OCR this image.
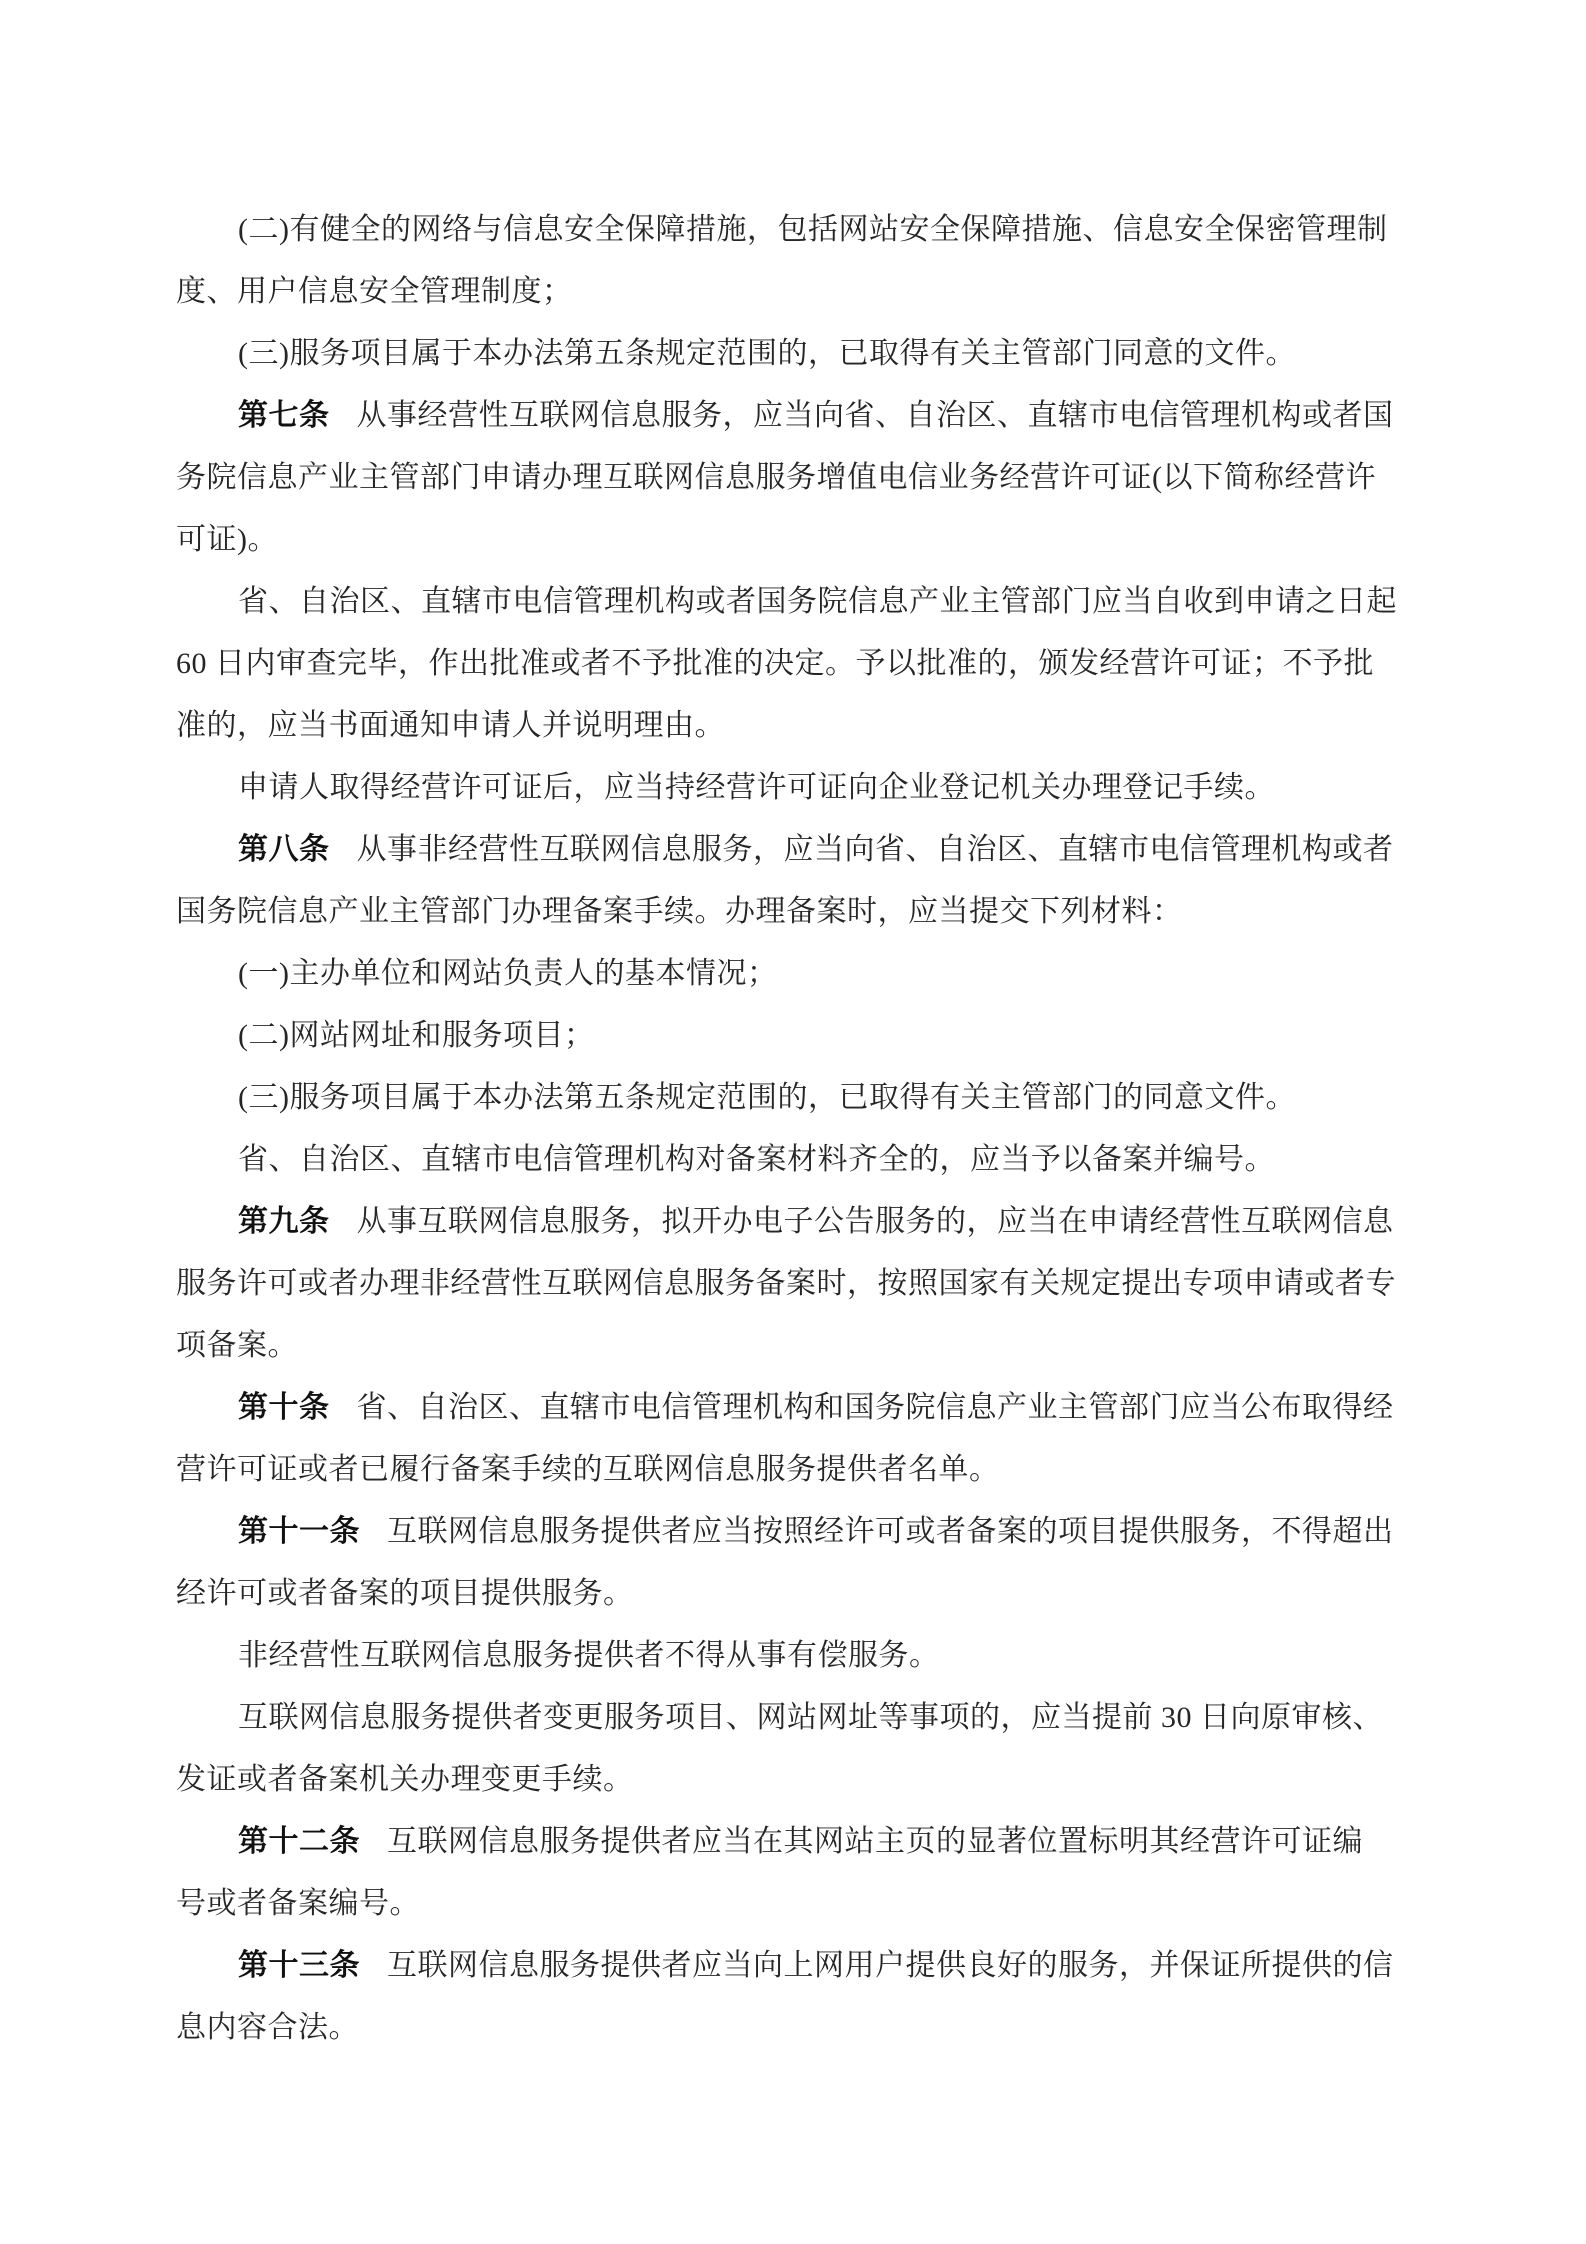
(二)有健全的网络与信息安全保障措施，包括网站安全保障措施、信息安全保密管理制
度、用户信息安全管理制度；
(三)服务项目属于本办法第五条规定范围的，已取得有关主管部门同意的文件。
第七条 从事经营性互联网信息服务，应当向省、自治区、直辖市电信管理机构或者国
务院信息产业主管部门申请办理互联网信息服务增值电信业务经营许可证(以下简称经营许
可证)。
省、自治区、直辖市电信管理机构或者国务院信息产业主管部门应当自收到申请之日起
60 日内审查完毕，作出批准或者不予批准的决定。予以批准的，颁发经营许可证；不予批
准的，应当书面通知申请人并说明理由。
申请人取得经营许可证后，应当持经营许可证向企业登记机关办理登记手续。
第八条 从事非经营性互联网信息服务，应当向省、自治区、直辖市电信管理机构或者
国务院信息产业主管部门办理备案手续。办理备案时，应当提交下列材料：
(一)主办单位和网站负责人的基本情况；
(二)网站网址和服务项目；
(三)服务项目属于本办法第五条规定范围的，已取得有关主管部门的同意文件。
省、自治区、直辖市电信管理机构对备案材料齐全的，应当予以备案并编号。
第九条 从事互联网信息服务，拟开办电子公告服务的，应当在申请经营性互联网信息
服务许可或者办理非经营性互联网信息服务备案时，按照国家有关规定提出专项申请或者专
项备案。
第十条 省、自治区、直辖市电信管理机构和国务院信息产业主管部门应当公布取得经
营许可证或者已履行备案手续的互联网信息服务提供者名单。
第十一条 互联网信息服务提供者应当按照经许可或者备案的项目提供服务，不得超出
经许可或者备案的项目提供服务。
非经营性互联网信息服务提供者不得从事有偿服务。
互联网信息服务提供者变更服务项目、网站网址等事项的，应当提前 30 日向原审核、
发证或者备案机关办理变更手续。
第十二条 互联网信息服务提供者应当在其网站主页的显著位置标明其经营许可证编
号或者备案编号。
第十三条 互联网信息服务提供者应当向上网用户提供良好的服务，并保证所提供的信
息内容合法。
